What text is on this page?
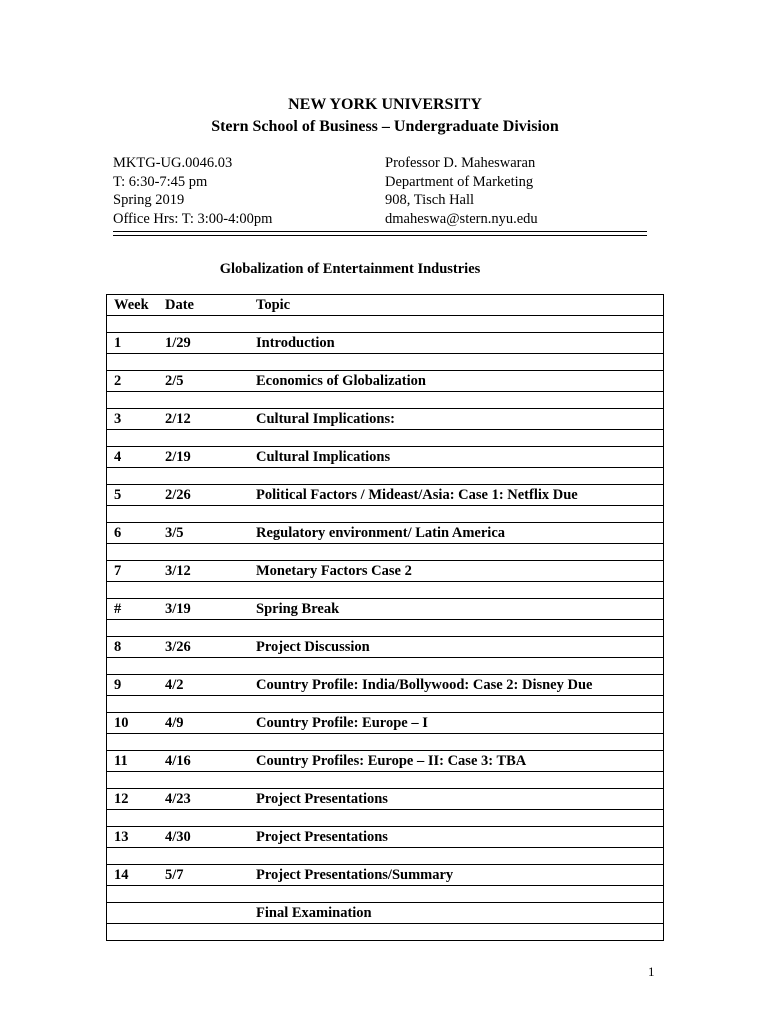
NEW YORK UNIVERSITY
Stern School of Business – Undergraduate Division
MKTG-UG.0046.03
T: 6:30-7:45 pm
Spring 2019
Office Hrs: T: 3:00-4:00pm
Professor D. Maheswaran
Department of Marketing
908, Tisch Hall
dmaheswa@stern.nyu.edu
Globalization of Entertainment Industries
Week	Date	Topic

1	1/29	Introduction

2	2/5	Economics of Globalization

3	2/12	Cultural Implications:

4	2/19	Cultural Implications

5	2/26	Political Factors / Mideast/Asia: Case 1: Netflix Due

6	3/5	Regulatory environment/ Latin America

7	3/12	Monetary Factors Case 2

#	3/19	Spring Break

8	3/26	Project Discussion

9	4/2	Country Profile: India/Bollywood: Case 2: Disney Due

10	4/9	Country Profile: Europe – I

11	4/16	Country Profiles: Europe – II: Case 3: TBA

12	4/23	Project Presentations

13	4/30	Project Presentations

14	5/7	Project Presentations/Summary

		Final Examination

1
